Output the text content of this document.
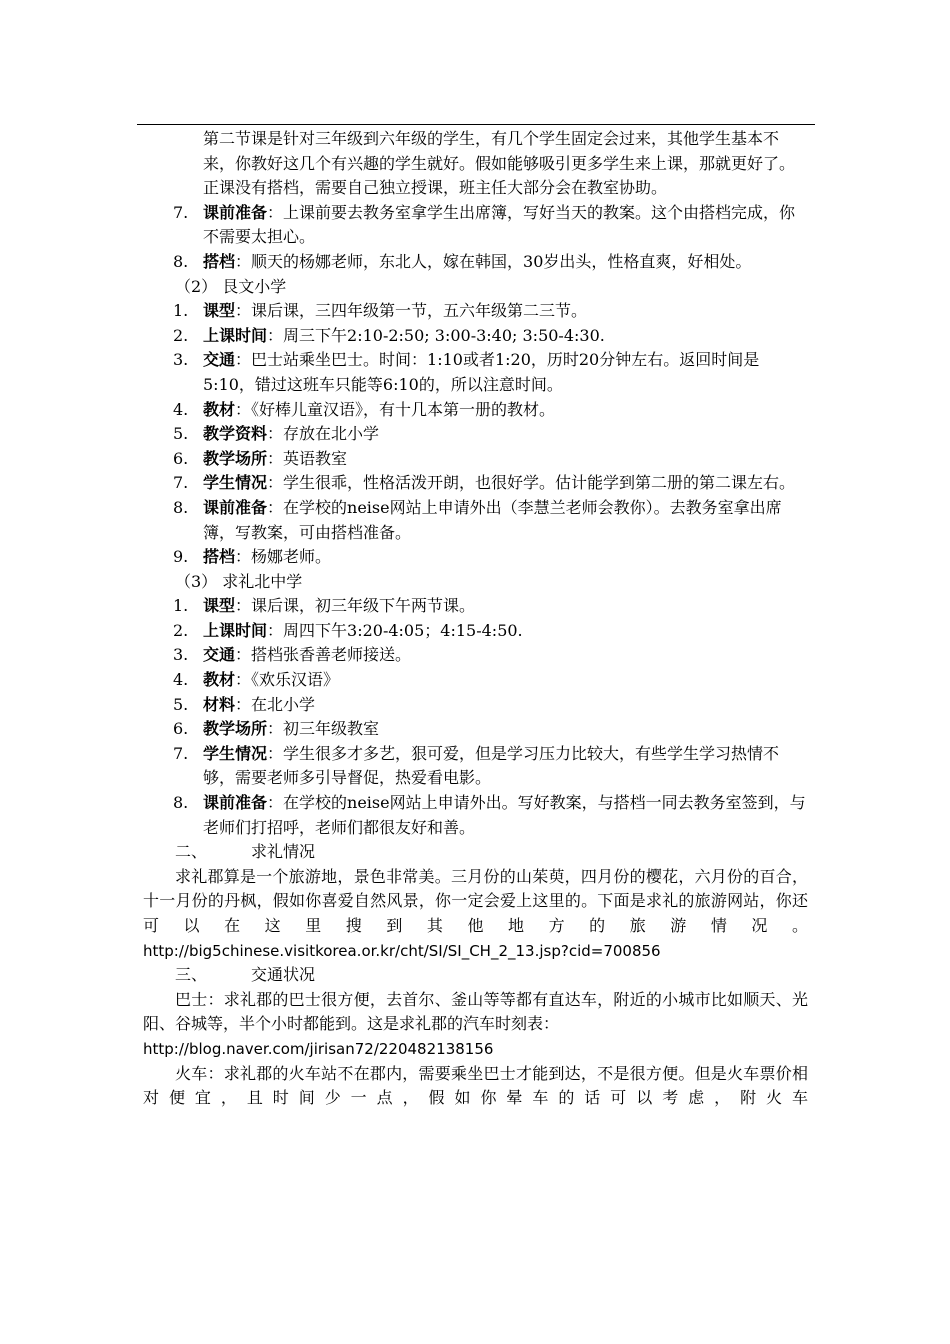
第二节课是针对三年级到六年级的学生，有几个学生固定会过来，其他学生基本不来，你教好这几个有兴趣的学生就好。假如能够吸引更多学生来上课，那就更好了。
正课没有搭档，需要自己独立授课，班主任大部分会在教室协助。
7. 课前准备：上课前要去教务室拿学生出席簿，写好当天的教案。这个由搭档完成，你不需要太担心。
8. 搭档：顺天的杨娜老师，东北人，嫁在韩国，30岁出头，性格直爽，好相处。
（2） 艮文小学
1. 课型：课后课，三四年级第一节，五六年级第二三节。
2. 上课时间：周三下午2:10-2:50; 3:00-3:40; 3:50-4:30.
3. 交通：巴士站乘坐巴士。时间：1:10或者1:20，历时20分钟左右。返回时间是5:10，错过这班车只能等6:10的，所以注意时间。
4. 教材：《好棒儿童汉语》，有十几本第一册的教材。
5. 教学资料：存放在北小学
6. 教学场所：英语教室
7. 学生情况：学生很乖，性格活泼开朗，也很好学。估计能学到第二册的第二课左右。
8. 课前准备：在学校的neise网站上申请外出（李慧兰老师会教你）。去教务室拿出席簿，写教案，可由搭档准备。
9. 搭档：杨娜老师。
（3） 求礼北中学
1. 课型：课后课，初三年级下午两节课。
2. 上课时间：周四下午3:20-4:05；4:15-4:50.
3. 交通：搭档张香善老师接送。
4. 教材：《欢乐汉语》
5. 材料：在北小学
6. 教学场所：初三年级教室
7. 学生情况：学生很多才多艺，狠可爱，但是学习压力比较大，有些学生学习热情不够，需要老师多引导督促，热爱看电影。
8. 课前准备：在学校的neise网站上申请外出。写好教案，与搭档一同去教务室签到，与老师们打招呼，老师们都很友好和善。
二、	求礼情况
求礼郡算是一个旅游地，景色非常美。三月份的山茱萸，四月份的樱花，六月份的百合，十一月份的丹枫，假如你喜爱自然风景，你一定会爱上这里的。下面是求礼的旅游网站，你还可以在这里搜到其他地方的旅游情况。http://big5chinese.visitkorea.or.kr/cht/SI/SI_CH_2_13.jsp?cid=700856
三、	交通状况
巴士：求礼郡的巴士很方便，去首尔、釜山等等都有直达车，附近的小城市比如顺天、光阳、谷城等，半个小时都能到。这是求礼郡的汽车时刻表：
http://blog.naver.com/jirisan72/220482138156
火车：求礼郡的火车站不在郡内，需要乘坐巴士才能到达，不是很方便。但是火车票价相对便宜，且时间少一点，假如你晕车的话可以考虑，附火车
